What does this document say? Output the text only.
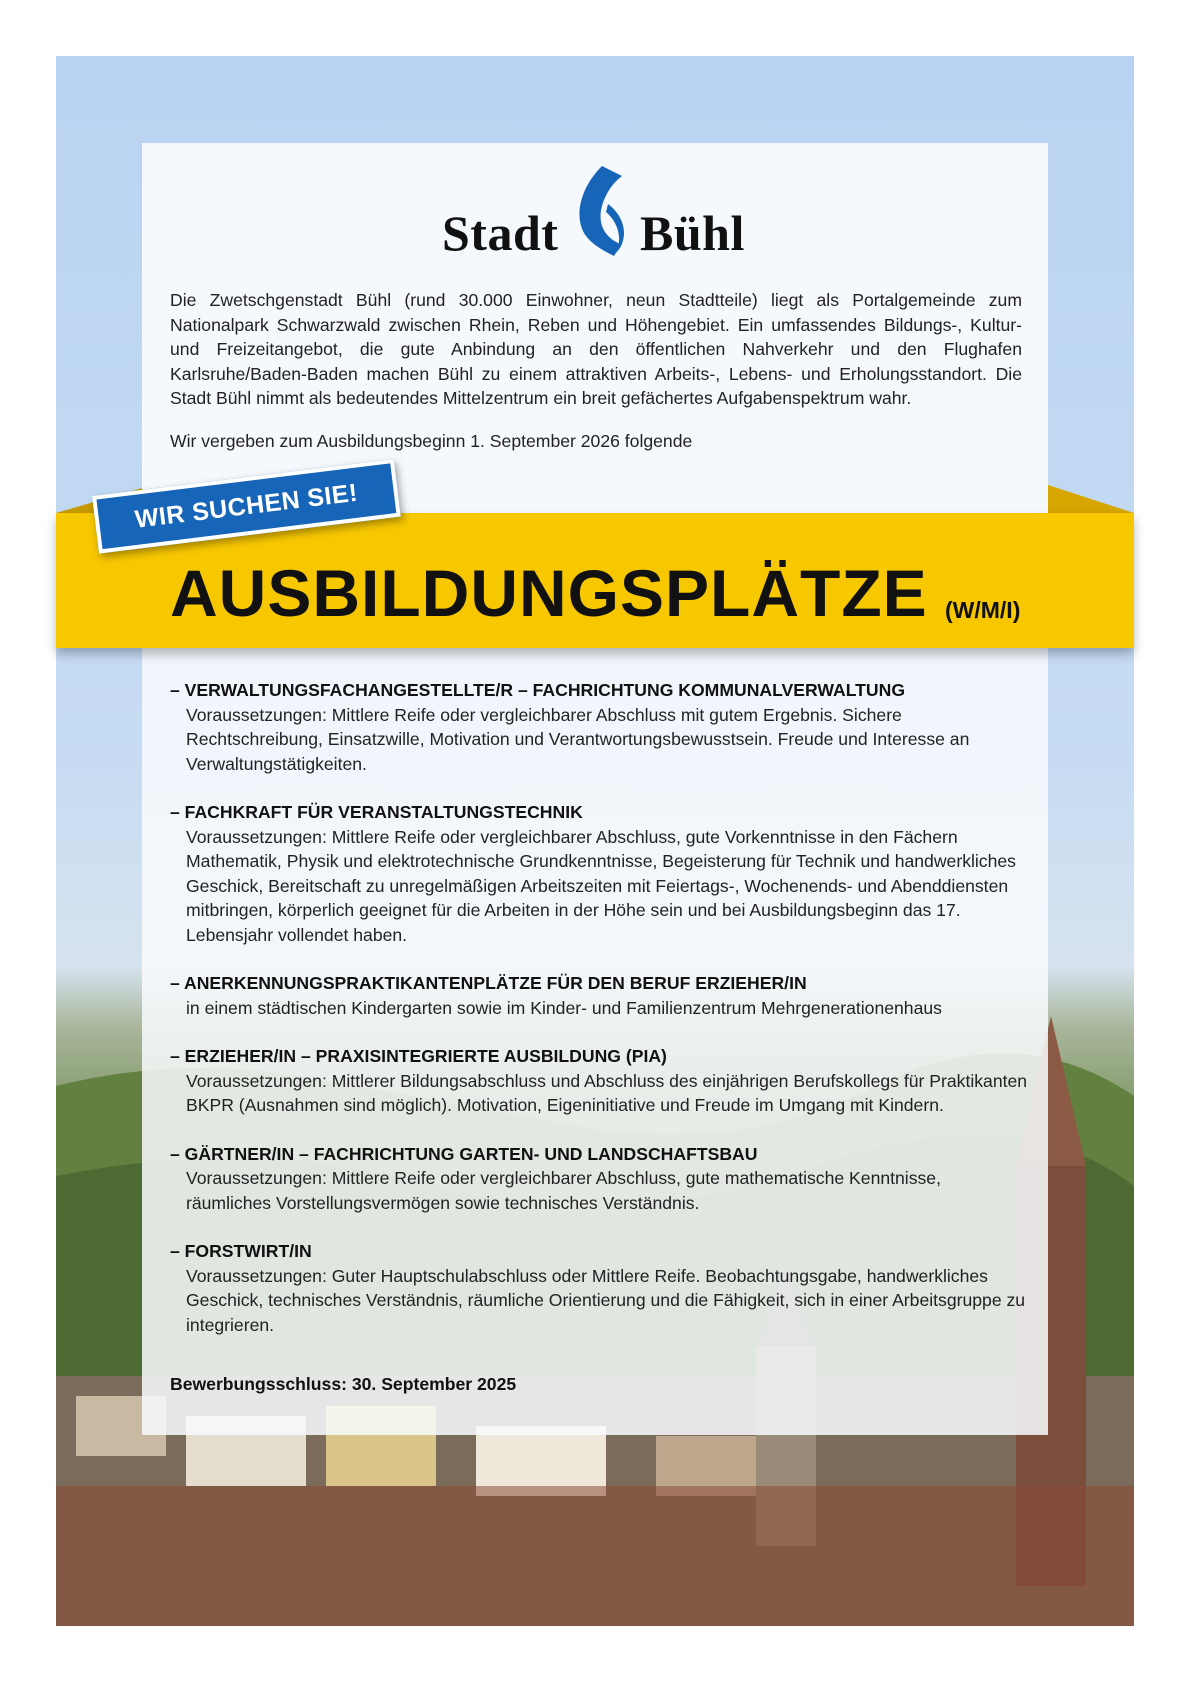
Stadt Bühl

Die Zwetschgenstadt Bühl (rund 30.000 Einwohner, neun Stadtteile) liegt als Portalgemeinde zum Nationalpark Schwarzwald zwischen Rhein, Reben und Höhengebiet. Ein umfassendes Bildungs-, Kultur- und Freizeitangebot, die gute Anbindung an den öffentlichen Nahverkehr und den Flughafen Karlsruhe/Baden-Baden machen Bühl zu einem attraktiven Arbeits-, Lebens- und Erholungsstandort. Die Stadt Bühl nimmt als bedeutendes Mittelzentrum ein breit gefächertes Aufgabenspektrum wahr.

Wir vergeben zum Ausbildungsbeginn 1. September 2026 folgende

AUSBILDUNGSPLÄTZE (W/M/I)
WIR SUCHEN SIE!

– VERWALTUNGSFACHANGESTELLTE/R – FACHRICHTUNG KOMMUNALVERWALTUNG

Voraussetzungen: Mittlere Reife oder vergleichbarer Abschluss mit gutem Ergebnis. Sichere Rechtschreibung, Einsatzwille, Motivation und Verantwortungsbewusstsein. Freude und Interesse an Verwaltungstätigkeiten.

– FACHKRAFT FÜR VERANSTALTUNGSTECHNIK

Voraussetzungen: Mittlere Reife oder vergleichbarer Abschluss, gute Vorkenntnisse in den Fächern Mathematik, Physik und elektrotechnische Grundkenntnisse, Begeisterung für Technik und handwerkliches Geschick, Bereitschaft zu unregelmäßigen Arbeitszeiten mit Feiertags-, Wochenends- und Abenddiensten mitbringen, körperlich geeignet für die Arbeiten in der Höhe sein und bei Ausbildungsbeginn das 17. Lebensjahr vollendet haben.

– ANERKENNUNGSPRAKTIKANTENPLÄTZE FÜR DEN BERUF ERZIEHER/IN

in einem städtischen Kindergarten sowie im Kinder- und Familienzentrum Mehrgenerationenhaus

– ERZIEHER/IN – PRAXISINTEGRIERTE AUSBILDUNG (PIA)

Voraussetzungen: Mittlerer Bildungsabschluss und Abschluss des einjährigen Berufskollegs für Praktikanten BKPR (Ausnahmen sind möglich). Motivation, Eigeninitiative und Freude im Umgang mit Kindern.

– GÄRTNER/IN – FACHRICHTUNG GARTEN- UND LANDSCHAFTSBAU

Voraussetzungen: Mittlere Reife oder vergleichbarer Abschluss, gute mathematische Kenntnisse, räumliches Vorstellungsvermögen sowie technisches Verständnis.

– FORSTWIRT/IN

Voraussetzungen: Guter Hauptschulabschluss oder Mittlere Reife. Beobachtungsgabe, handwerkliches Geschick, technisches Verständnis, räumliche Orientierung und die Fähigkeit, sich in einer Arbeitsgruppe zu integrieren.

Bewerbungsschluss: 30. September 2025
